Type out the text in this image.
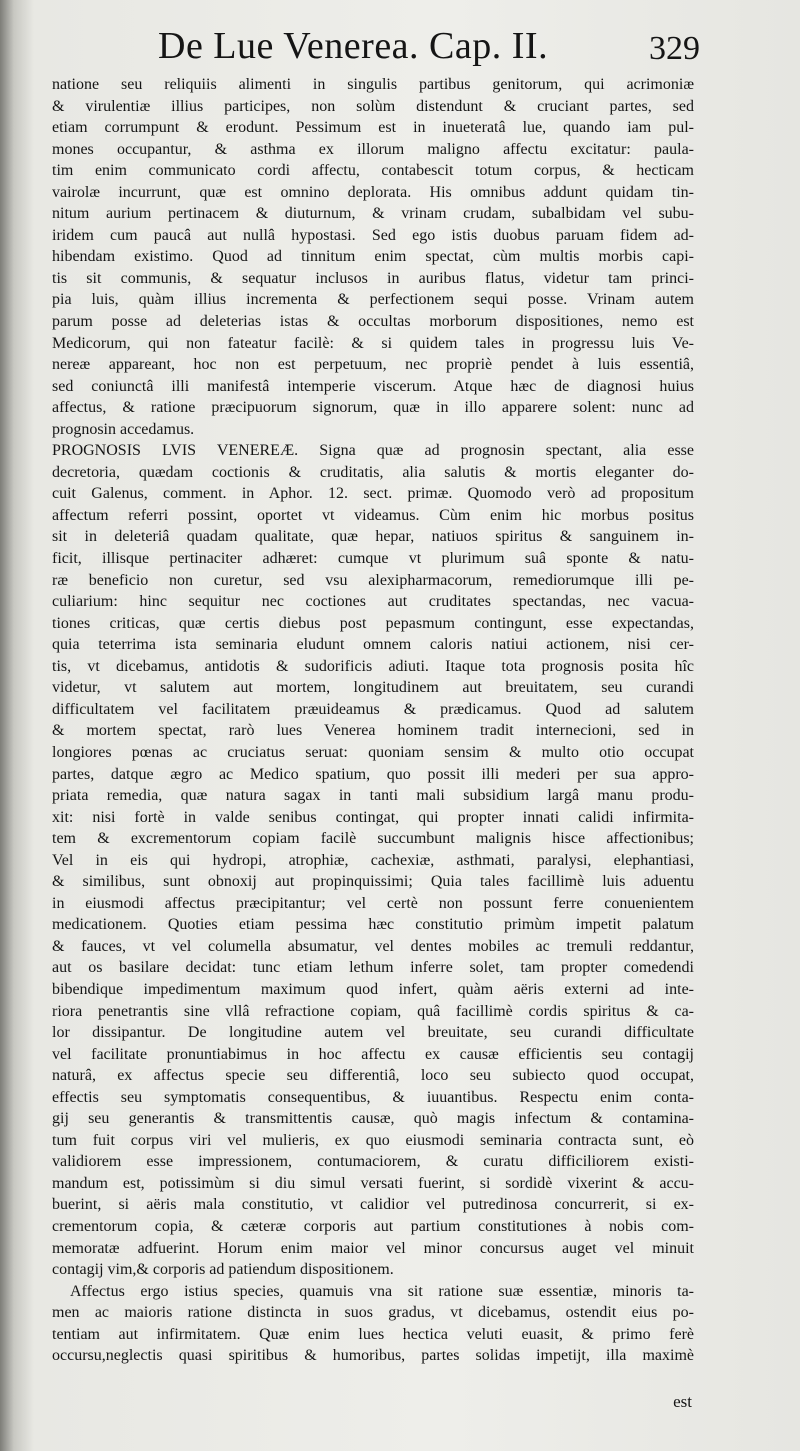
De Lue Venerea. Cap. II.	329
natione seu reliquiis alimenti in singulis partibus genitorum, qui acrimoniæ
& virulentiæ illius participes, non solùm distendunt & cruciant partes, sed
etiam corrumpunt & erodunt. Pessimum est in inueteratâ lue, quando iam pul-
mones occupantur, & asthma ex illorum maligno affectu excitatur: paula-
tim enim communicato cordi affectu, contabescit totum corpus, & hecticam
vairolæ incurrunt, quæ est omnino deplorata. His omnibus addunt quidam tin-
nitum aurium pertinacem & diuturnum, & vrinam crudam, subalbidam vel subu-
iridem cum paucâ aut nullâ hypostasi. Sed ego istis duobus paruam fidem ad-
hibendam existimo. Quod ad tinnitum enim spectat, cùm multis morbis capi-
tis sit communis, & sequatur inclusos in auribus flatus, videtur tam princi-
pia luis, quàm illius incrementa & perfectionem sequi posse. Vrinam autem
parum posse ad deleterias istas & occultas morborum dispositiones, nemo est
Medicorum, qui non fateatur facilè: & si quidem tales in progressu luis Ve-
nereæ appareant, hoc non est perpetuum, nec propriè pendet à luis essentiâ,
sed coniunctâ illi manifestâ intemperie viscerum. Atque hæc de diagnosi huius
affectus, & ratione præcipuorum signorum, quæ in illo apparere solent: nunc ad
prognosin accedamus.
PROGNOSIS LVIS VENEREÆ. Signa quæ ad prognosin spectant, alia esse
decretoria, quædam coctionis & cruditatis, alia salutis & mortis eleganter do-
cuit Galenus, comment. in Aphor. 12. sect. primæ. Quomodo verò ad propositum
affectum referri possint, oportet vt videamus. Cùm enim hic morbus positus
sit in deleteriâ quadam qualitate, quæ hepar, natiuos spiritus & sanguinem in-
ficit, illisque pertinaciter adhæret: cumque vt plurimum suâ sponte & natu-
ræ beneficio non curetur, sed vsu alexipharmacorum, remediorumque illi pe-
culiarium: hinc sequitur nec coctiones aut cruditates spectandas, nec vacua-
tiones criticas, quæ certis diebus post pepasmum contingunt, esse expectandas,
quia teterrima ista seminaria eludunt omnem caloris natiui actionem, nisi cer-
tis, vt dicebamus, antidotis & sudorificis adiuti. Itaque tota prognosis posita hîc
videtur, vt salutem aut mortem, longitudinem aut breuitatem, seu curandi
difficultatem vel facilitatem præuideamus & prædicamus. Quod ad salutem
& mortem spectat, rarò lues Venerea hominem tradit internecioni, sed in
longiores pœnas ac cruciatus seruat: quoniam sensim & multo otio occupat
partes, datque ægro ac Medico spatium, quo possit illi mederi per sua appro-
priata remedia, quæ natura sagax in tanti mali subsidium largâ manu produ-
xit: nisi fortè in valde senibus contingat, qui propter innati calidi infirmita-
tem & excrementorum copiam facilè succumbunt malignis hisce affectionibus;
Vel in eis qui hydropi, atrophiæ, cachexiæ, asthmati, paralysi, elephantiasi,
& similibus, sunt obnoxij aut propinquissimi; Quia tales facillimè luis aduentu
in eiusmodi affectus præcipitantur; vel certè non possunt ferre conuenientem
medicationem. Quoties etiam pessima hæc constitutio primùm impetit palatum
& fauces, vt vel columella absumatur, vel dentes mobiles ac tremuli reddantur,
aut os basilare decidat: tunc etiam lethum inferre solet, tam propter comedendi
bibendique impedimentum maximum quod infert, quàm aëris externi ad inte-
riora penetrantis sine vllâ refractione copiam, quâ facillimè cordis spiritus & ca-
lor dissipantur. De longitudine autem vel breuitate, seu curandi difficultate
vel facilitate pronuntiabimus in hoc affectu ex causæ efficientis seu contagij
naturâ, ex affectus specie seu differentiâ, loco seu subiecto quod occupat,
effectis seu symptomatis consequentibus, & iuuantibus. Respectu enim conta-
gij seu generantis & transmittentis causæ, quò magis infectum & contamina-
tum fuit corpus viri vel mulieris, ex quo eiusmodi seminaria contracta sunt, eò
validiorem esse impressionem, contumaciorem, & curatu difficiliorem existi-
mandum est, potissimùm si diu simul versati fuerint, si sordidè vixerint & accu-
buerint, si aëris mala constitutio, vt calidior vel putredinosa concurrerit, si ex-
crementorum copia, & cæteræ corporis aut partium constitutiones à nobis com-
memoratæ adfuerint. Horum enim maior vel minor concursus auget vel minuit
contagij vim,& corporis ad patiendum dispositionem.
Affectus ergo istius species, quamuis vna sit ratione suæ essentiæ, minoris ta-
men ac maioris ratione distincta in suos gradus, vt dicebamus, ostendit eius po-
tentiam aut infirmitatem. Quæ enim lues hectica veluti euasit, & primo ferè
occursu,neglectis quasi spiritibus & humoribus, partes solidas impetijt, illa maximè
est
